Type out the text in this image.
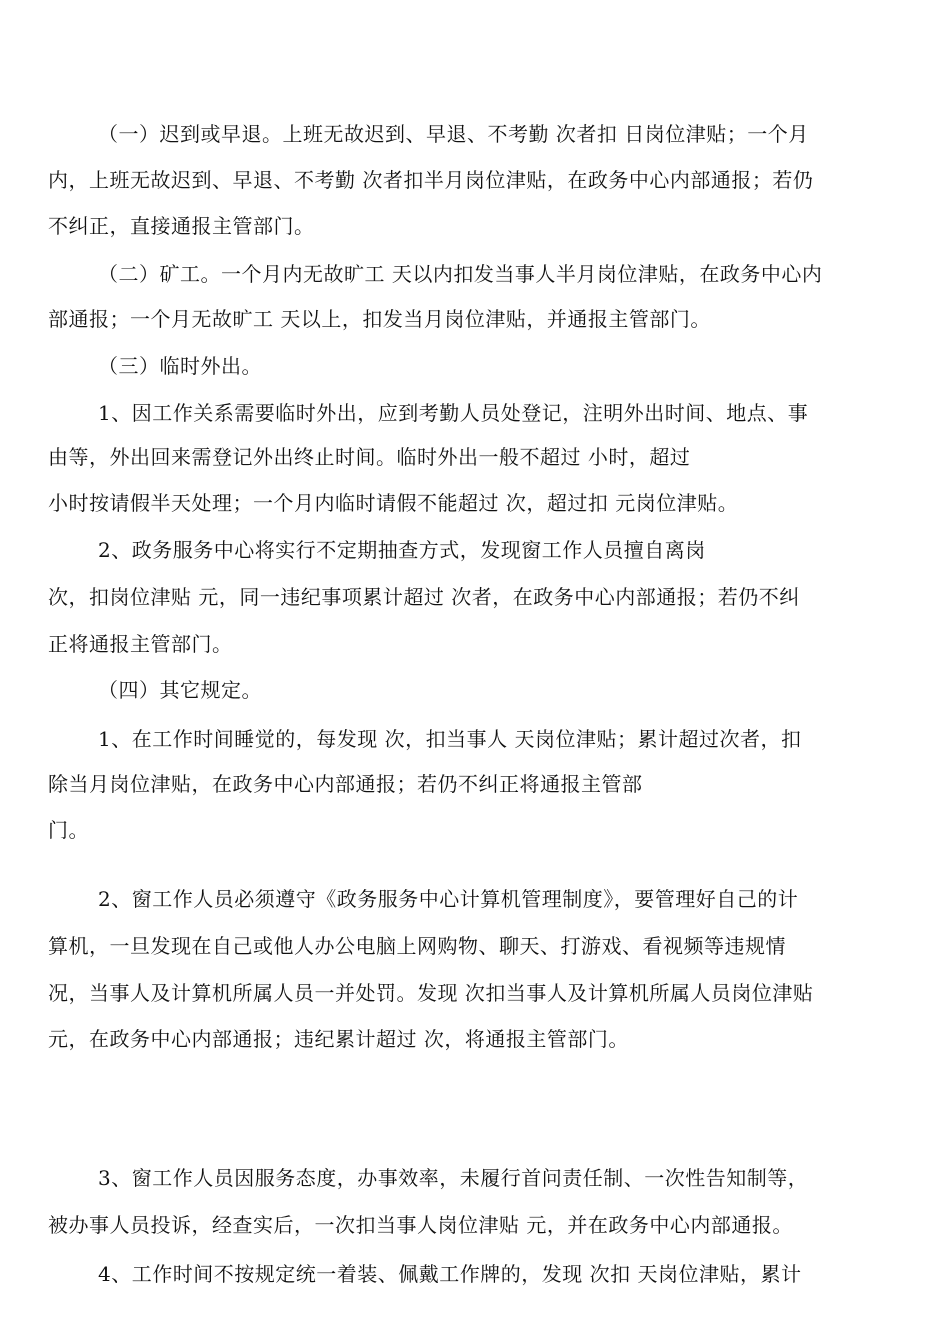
（一）迟到或早退。上班无故迟到、早退、不考勤 次者扣 日岗位津贴；一个月
内，上班无故迟到、早退、不考勤 次者扣半月岗位津贴，在政务中心内部通报；若仍
不纠正，直接通报主管部门。
（二）矿工。一个月内无故旷工 天以内扣发当事人半月岗位津贴，在政务中心内
部通报；一个月无故旷工 天以上，扣发当月岗位津贴，并通报主管部门。
（三）临时外出。
1、因工作关系需要临时外出，应到考勤人员处登记，注明外出时间、地点、事
由等，外出回来需登记外出终止时间。临时外出一般不超过 小时，超过
小时按请假半天处理；一个月内临时请假不能超过 次，超过扣 元岗位津贴。
2、政务服务中心将实行不定期抽查方式，发现窗工作人员擅自离岗
次，扣岗位津贴 元，同一违纪事项累计超过 次者，在政务中心内部通报；若仍不纠
正将通报主管部门。
（四）其它规定。
1、在工作时间睡觉的，每发现 次，扣当事人 天岗位津贴；累计超过次者，扣
除当月岗位津贴，在政务中心内部通报；若仍不纠正将通报主管部
门。
2、窗工作人员必须遵守《政务服务中心计算机管理制度》，要管理好自己的计
算机，一旦发现在自己或他人办公电脑上网购物、聊天、打游戏、看视频等违规情
况，当事人及计算机所属人员一并处罚。发现 次扣当事人及计算机所属人员岗位津贴
元，在政务中心内部通报；违纪累计超过 次，将通报主管部门。
3、窗工作人员因服务态度，办事效率，未履行首问责任制、一次性告知制等，
被办事人员投诉，经查实后，一次扣当事人岗位津贴 元，并在政务中心内部通报。
4、工作时间不按规定统一着装、佩戴工作牌的，发现 次扣 天岗位津贴，累计
